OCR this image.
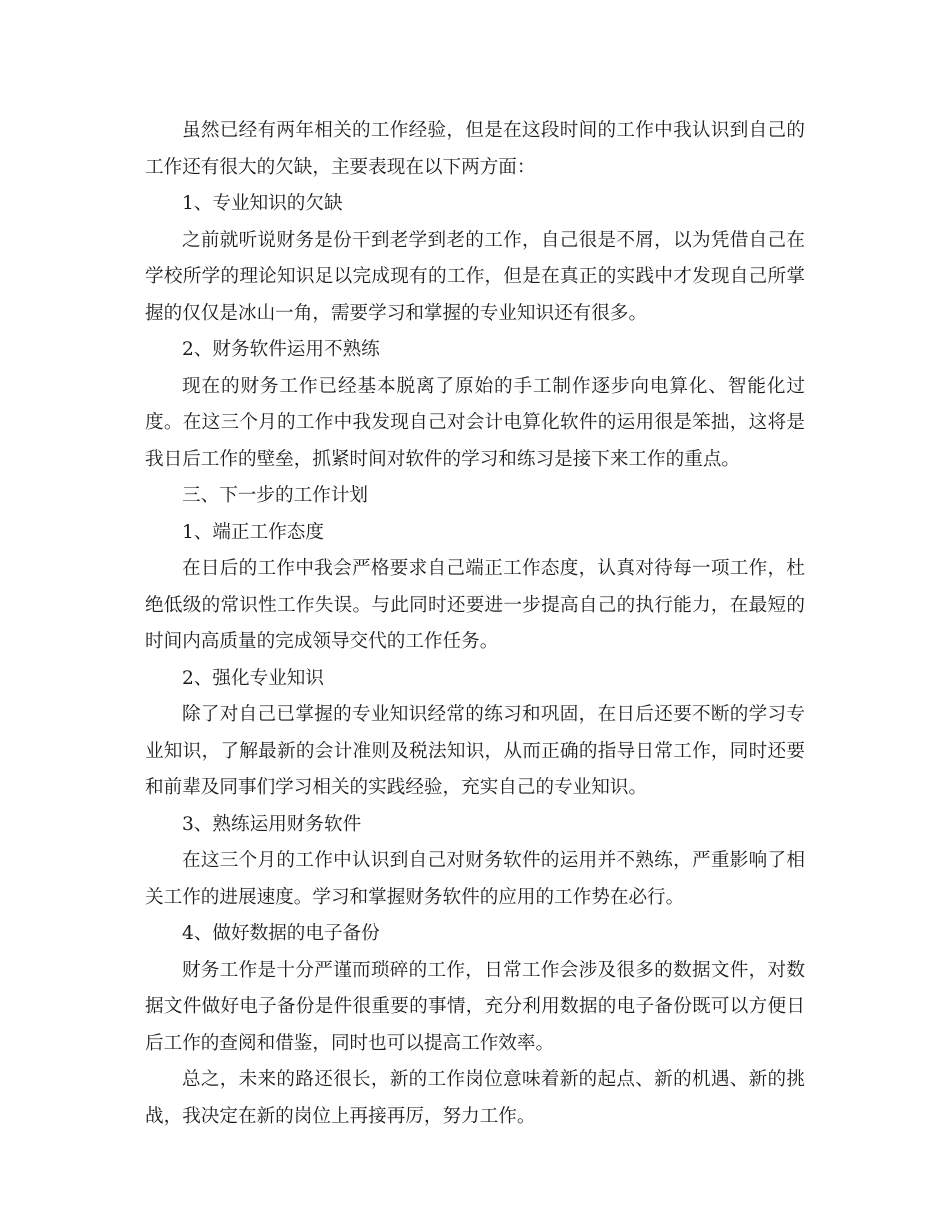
虽然已经有两年相关的工作经验，但是在这段时间的工作中我认识到自己的工作还有很大的欠缺，主要表现在以下两方面：

1、专业知识的欠缺

之前就听说财务是份干到老学到老的工作，自己很是不屑，以为凭借自己在学校所学的理论知识足以完成现有的工作，但是在真正的实践中才发现自己所掌握的仅仅是冰山一角，需要学习和掌握的专业知识还有很多。

2、财务软件运用不熟练

现在的财务工作已经基本脱离了原始的手工制作逐步向电算化、智能化过度。在这三个月的工作中我发现自己对会计电算化软件的运用很是笨拙，这将是我日后工作的壁垒，抓紧时间对软件的学习和练习是接下来工作的重点。

三、下一步的工作计划

1、端正工作态度

在日后的工作中我会严格要求自己端正工作态度，认真对待每一项工作，杜绝低级的常识性工作失误。与此同时还要进一步提高自己的执行能力，在最短的时间内高质量的完成领导交代的工作任务。

2、强化专业知识

除了对自己已掌握的专业知识经常的练习和巩固，在日后还要不断的学习专业知识，了解最新的会计准则及税法知识，从而正确的指导日常工作，同时还要和前辈及同事们学习相关的实践经验，充实自己的专业知识。

3、熟练运用财务软件

在这三个月的工作中认识到自己对财务软件的运用并不熟练，严重影响了相关工作的进展速度。学习和掌握财务软件的应用的工作势在必行。

4、做好数据的电子备份

财务工作是十分严谨而琐碎的工作，日常工作会涉及很多的数据文件，对数据文件做好电子备份是件很重要的事情，充分利用数据的电子备份既可以方便日后工作的查阅和借鉴，同时也可以提高工作效率。

总之，未来的路还很长，新的工作岗位意味着新的起点、新的机遇、新的挑战，我决定在新的岗位上再接再厉，努力工作。
